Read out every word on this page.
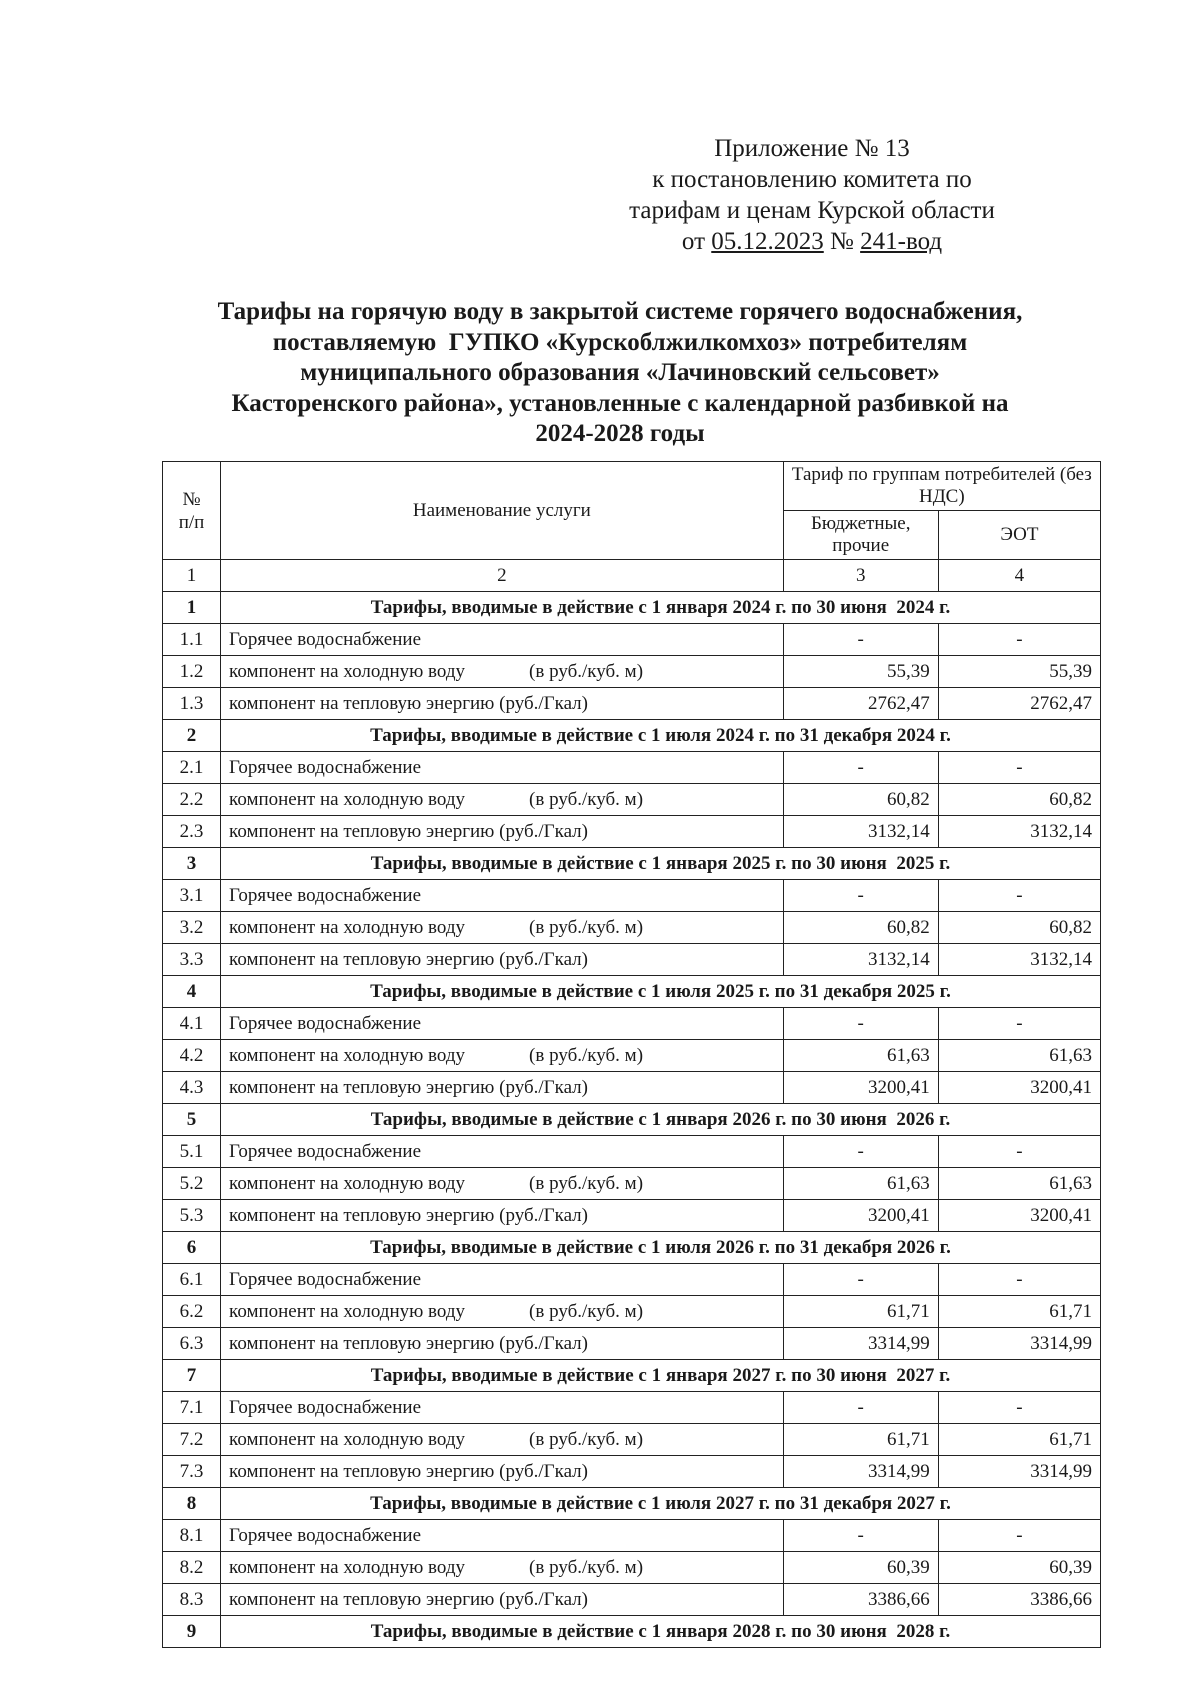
Приложение № 13
к постановлению комитета по
тарифам и ценам Курской области
от 05.12.2023 № 241-вод
Тарифы на горячую воду в закрытой системе горячего водоснабжения,
поставляемую  ГУПКО «Курскоблжилкомхоз» потребителям
муниципального образования «Лачиновский сельсовет»
Касторенского района», установленные с календарной разбивкой на
2024-2028 годы
№
п/п	Наименование услуги	Тариф по группам потребителей (без НДС)	
		Бюджетные, прочие	ЭОТ
1	2	3	4
1	Тарифы, вводимые в действие с 1 января 2024 г. по 30 июня  2024 г.		
1.1	Горячее водоснабжение	-	-
1.2	компонент на холодную воду (в руб./куб. м)	55,39	55,39
1.3	компонент на тепловую энергию (руб./Гкал)	2762,47	2762,47
2	Тарифы, вводимые в действие с 1 июля 2024 г. по 31 декабря 2024 г.		
2.1	Горячее водоснабжение	-	-
2.2	компонент на холодную воду (в руб./куб. м)	60,82	60,82
2.3	компонент на тепловую энергию (руб./Гкал)	3132,14	3132,14
3	Тарифы, вводимые в действие с 1 января 2025 г. по 30 июня  2025 г.		
3.1	Горячее водоснабжение	-	-
3.2	компонент на холодную воду (в руб./куб. м)	60,82	60,82
3.3	компонент на тепловую энергию (руб./Гкал)	3132,14	3132,14
4	Тарифы, вводимые в действие с 1 июля 2025 г. по 31 декабря 2025 г.		
4.1	Горячее водоснабжение	-	-
4.2	компонент на холодную воду (в руб./куб. м)	61,63	61,63
4.3	компонент на тепловую энергию (руб./Гкал)	3200,41	3200,41
5	Тарифы, вводимые в действие с 1 января 2026 г. по 30 июня  2026 г.		
5.1	Горячее водоснабжение	-	-
5.2	компонент на холодную воду (в руб./куб. м)	61,63	61,63
5.3	компонент на тепловую энергию (руб./Гкал)	3200,41	3200,41
6	Тарифы, вводимые в действие с 1 июля 2026 г. по 31 декабря 2026 г.		
6.1	Горячее водоснабжение	-	-
6.2	компонент на холодную воду (в руб./куб. м)	61,71	61,71
6.3	компонент на тепловую энергию (руб./Гкал)	3314,99	3314,99
7	Тарифы, вводимые в действие с 1 января 2027 г. по 30 июня  2027 г.		
7.1	Горячее водоснабжение	-	-
7.2	компонент на холодную воду (в руб./куб. м)	61,71	61,71
7.3	компонент на тепловую энергию (руб./Гкал)	3314,99	3314,99
8	Тарифы, вводимые в действие с 1 июля 2027 г. по 31 декабря 2027 г.		
8.1	Горячее водоснабжение	-	-
8.2	компонент на холодную воду (в руб./куб. м)	60,39	60,39
8.3	компонент на тепловую энергию (руб./Гкал)	3386,66	3386,66
9	Тарифы, вводимые в действие с 1 января 2028 г. по 30 июня  2028 г.		
